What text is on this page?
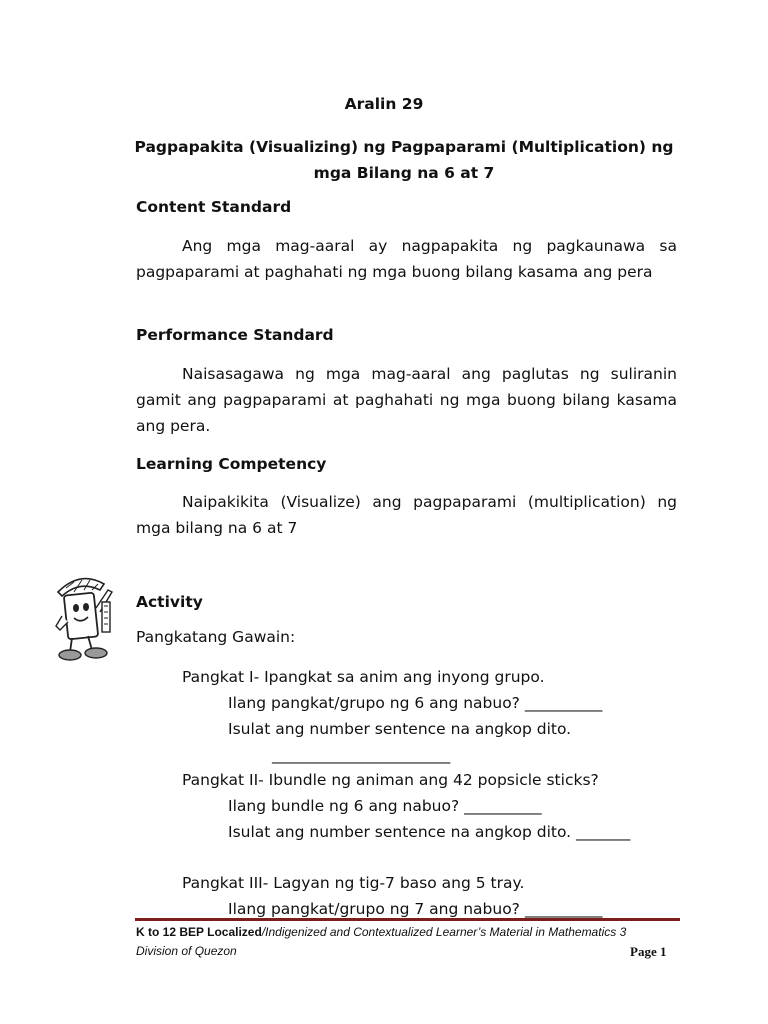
Aralin 29
Pagpapakita (Visualizing) ng Pagpaparami (Multiplication) ng
mga Bilang na 6 at 7
Content Standard
Ang mga mag-aaral ay nagpapakita ng pagkaunawa sa pagpaparami at paghahati ng mga buong bilang kasama ang pera
Performance Standard
Naisasagawa ng mga mag-aaral ang paglutas ng suliranin gamit ang pagpaparami at paghahati ng mga buong bilang kasama ang pera.
Learning Competency
Naipakikita (Visualize) ang pagpaparami (multiplication) ng mga bilang na 6 at 7
Activity
Pangkatang Gawain:
Pangkat I- Ipangkat sa anim ang inyong grupo.
Ilang pangkat/grupo ng 6 ang nabuo? __________
Isulat ang number sentence na angkop dito.
_______________________
Pangkat II- Ibundle ng animan ang 42 popsicle sticks?
Ilang bundle ng 6 ang nabuo? __________
Isulat ang number sentence na angkop dito. _______
Pangkat III- Lagyan ng tig-7 baso ang 5 tray.
Ilang pangkat/grupo ng 7 ang nabuo? __________
K to 12 BEP Localized/Indigenized and Contextualized Learner’s Material in Mathematics 3
Division of Quezon	Page 1
